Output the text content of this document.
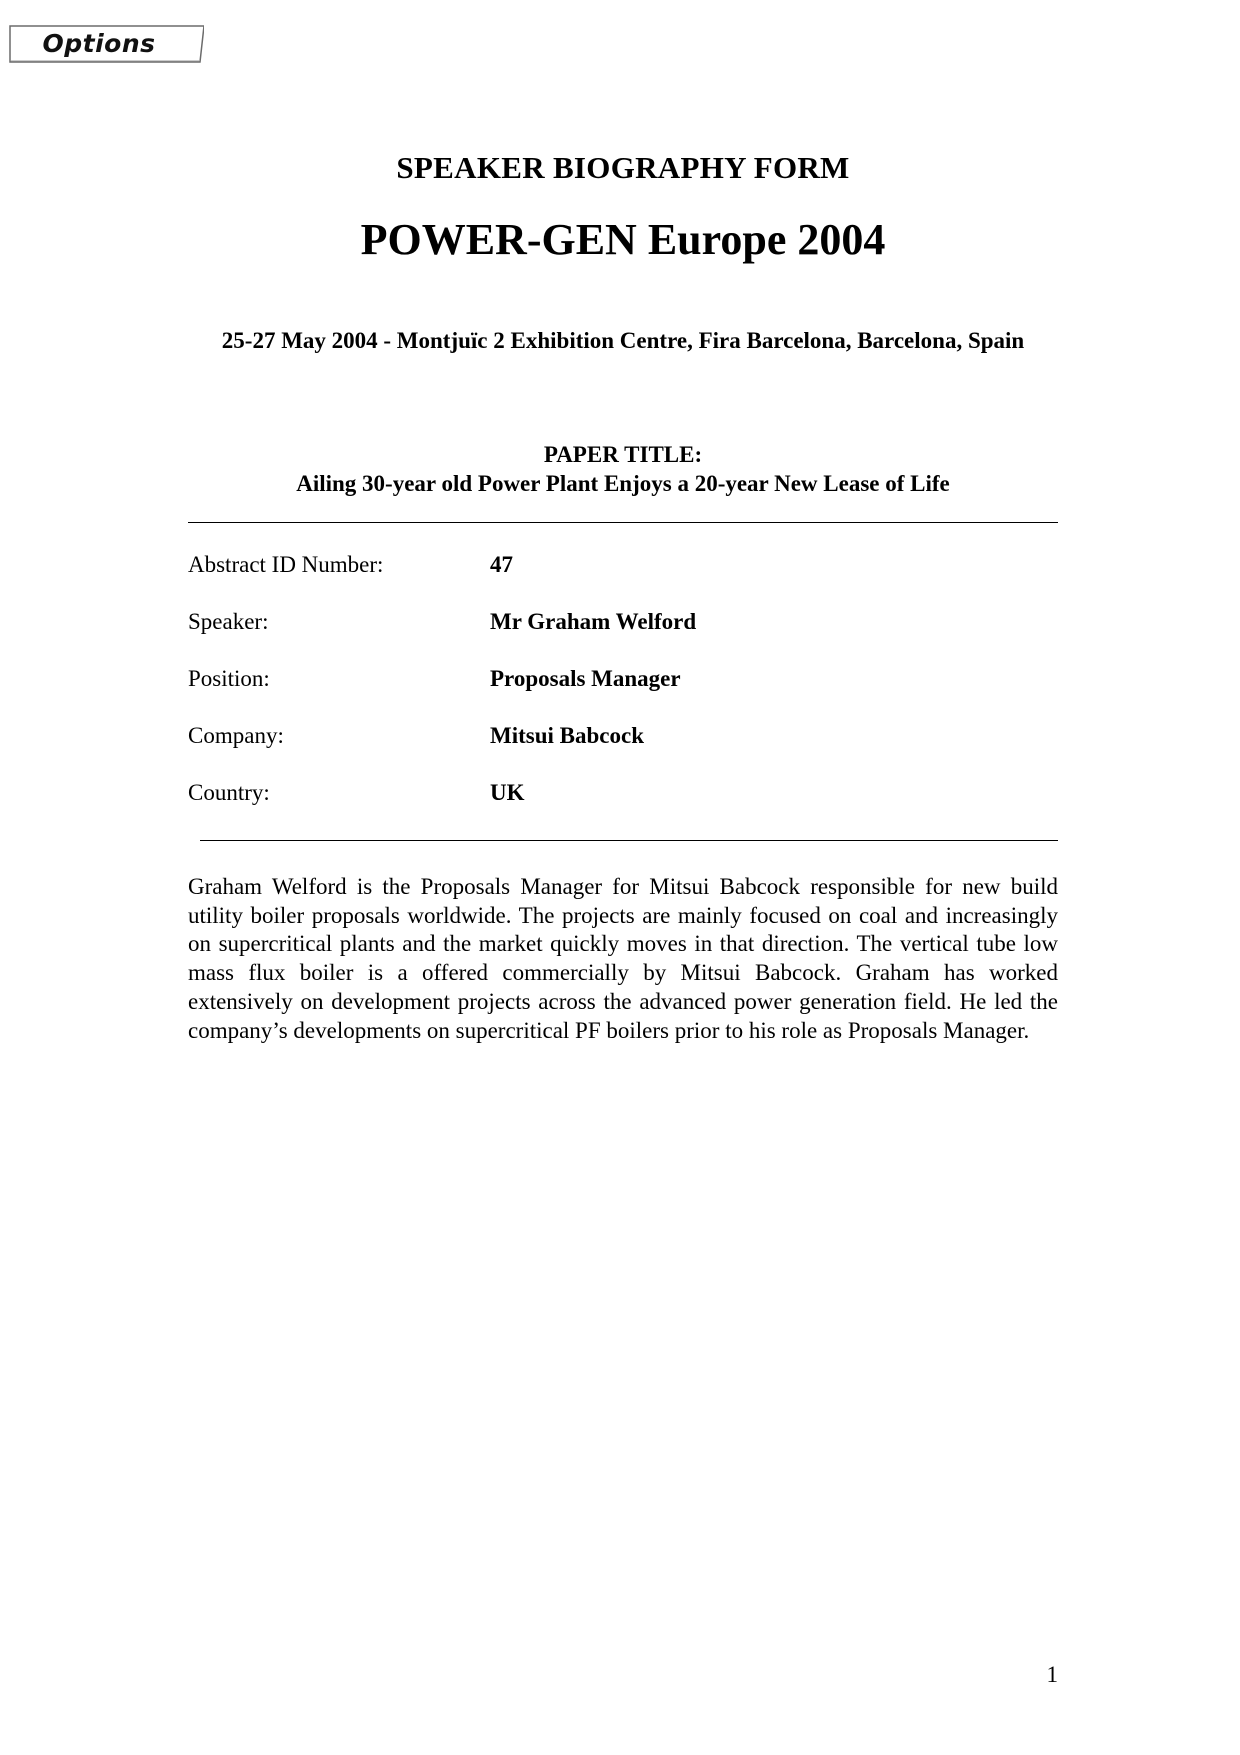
Options
SPEAKER BIOGRAPHY FORM
POWER-GEN Europe 2004
25-27 May 2004 - Montjuïc 2 Exhibition Centre, Fira Barcelona, Barcelona, Spain
PAPER TITLE:
Ailing 30-year old Power Plant Enjoys a 20-year New Lease of Life
Abstract ID Number:	47
Speaker:	Mr Graham Welford
Position:	Proposals Manager
Company:	Mitsui Babcock
Country:	UK
Graham Welford is the Proposals Manager for Mitsui Babcock responsible for new build utility boiler proposals worldwide. The projects are mainly focused on coal and increasingly on supercritical plants and the market quickly moves in that direction. The vertical tube low mass flux boiler is a offered commercially by Mitsui Babcock. Graham has worked extensively on development projects across the advanced power generation field. He led the company’s developments on supercritical PF boilers prior to his role as Proposals Manager.
1
